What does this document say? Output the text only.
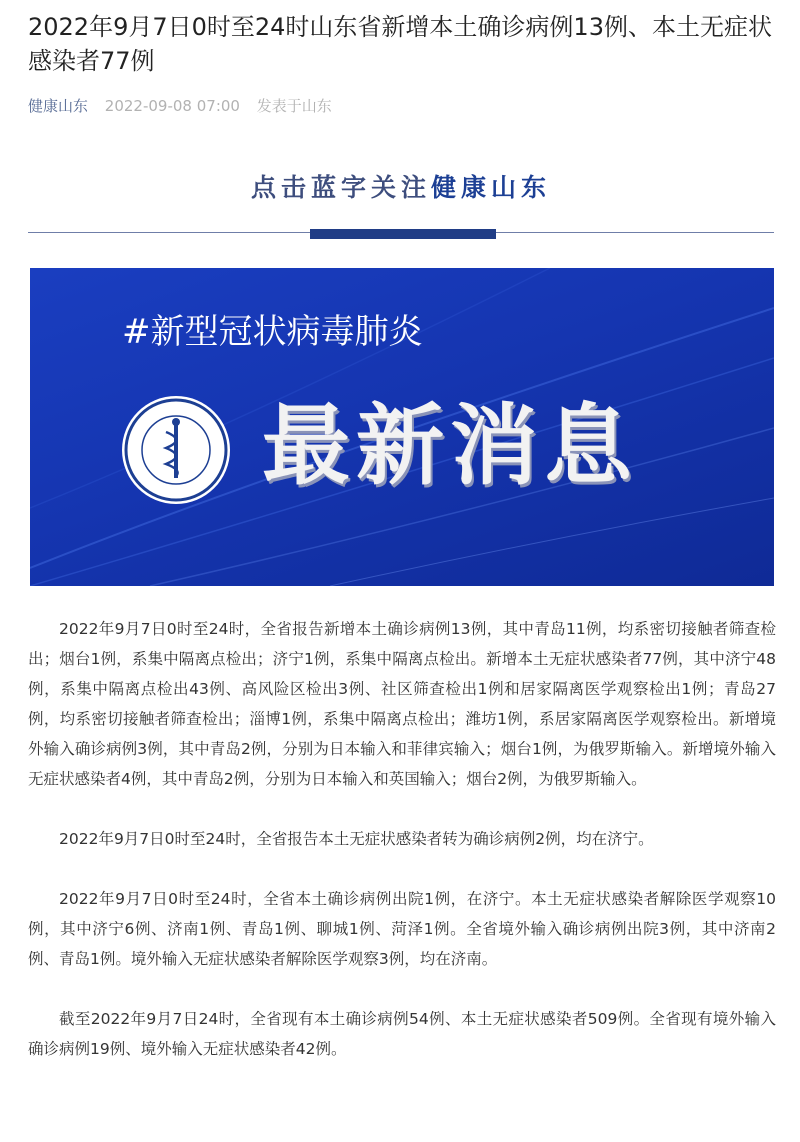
2022年9月7日0时至24时山东省新增本土确诊病例13例、本土无症状感染者77例
健康山东 2022-09-08 07:00 发表于山东
点击蓝字关注健康山东
#新型冠状病毒肺炎
最新消息

2022年9月7日0时至24时，全省报告新增本土确诊病例13例，其中青岛11例，均系密切接触者筛查检出；烟台1例，系集中隔离点检出；济宁1例，系集中隔离点检出。新增本土无症状感染者77例，其中济宁48例，系集中隔离点检出43例、高风险区检出3例、社区筛查检出1例和居家隔离医学观察检出1例；青岛27例，均系密切接触者筛查检出；淄博1例，系集中隔离点检出；潍坊1例，系居家隔离医学观察检出。新增境外输入确诊病例3例，其中青岛2例，分别为日本输入和菲律宾输入；烟台1例，为俄罗斯输入。新增境外输入无症状感染者4例，其中青岛2例，分别为日本输入和英国输入；烟台2例，为俄罗斯输入。

2022年9月7日0时至24时，全省报告本土无症状感染者转为确诊病例2例，均在济宁。

2022年9月7日0时至24时，全省本土确诊病例出院1例，在济宁。本土无症状感染者解除医学观察10例，其中济宁6例、济南1例、青岛1例、聊城1例、菏泽1例。全省境外输入确诊病例出院3例，其中济南2例、青岛1例。境外输入无症状感染者解除医学观察3例，均在济南。

截至2022年9月7日24时，全省现有本土确诊病例54例、本土无症状感染者509例。全省现有境外输入确诊病例19例、境外输入无症状感染者42例。
